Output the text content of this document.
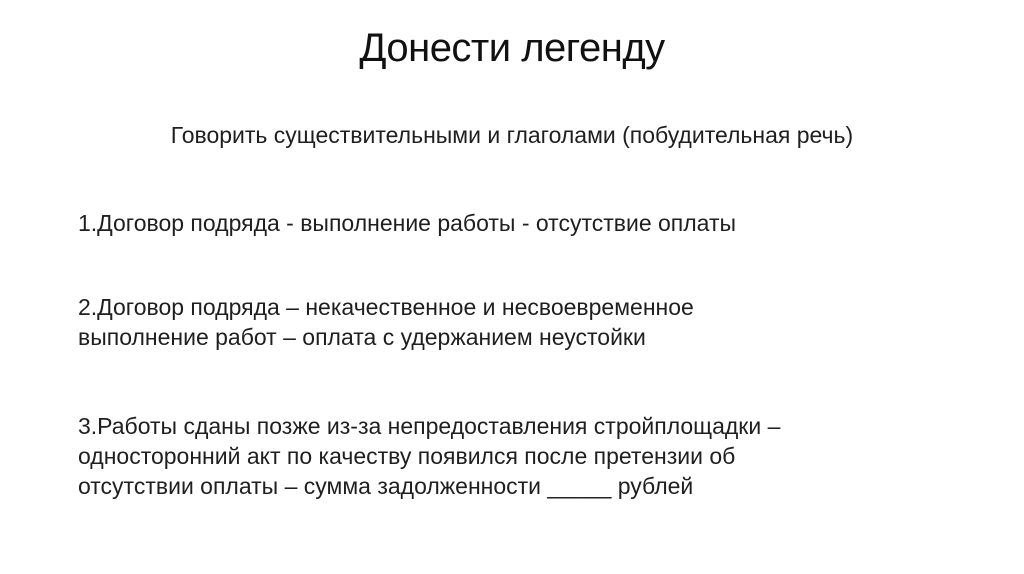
Донести легенду

Говорить существительными и глаголами (побудительная речь)

1.Договор подряда - выполнение работы - отсутствие оплаты
2.Договор подряда – некачественное и несвоевременное
выполнение работ – оплата с удержанием неустойки
3.Работы сданы позже из-за непредоставления стройплощадки –
односторонний акт по качеству появился после претензии об
отсутствии оплаты – сумма задолженности _____ рублей
